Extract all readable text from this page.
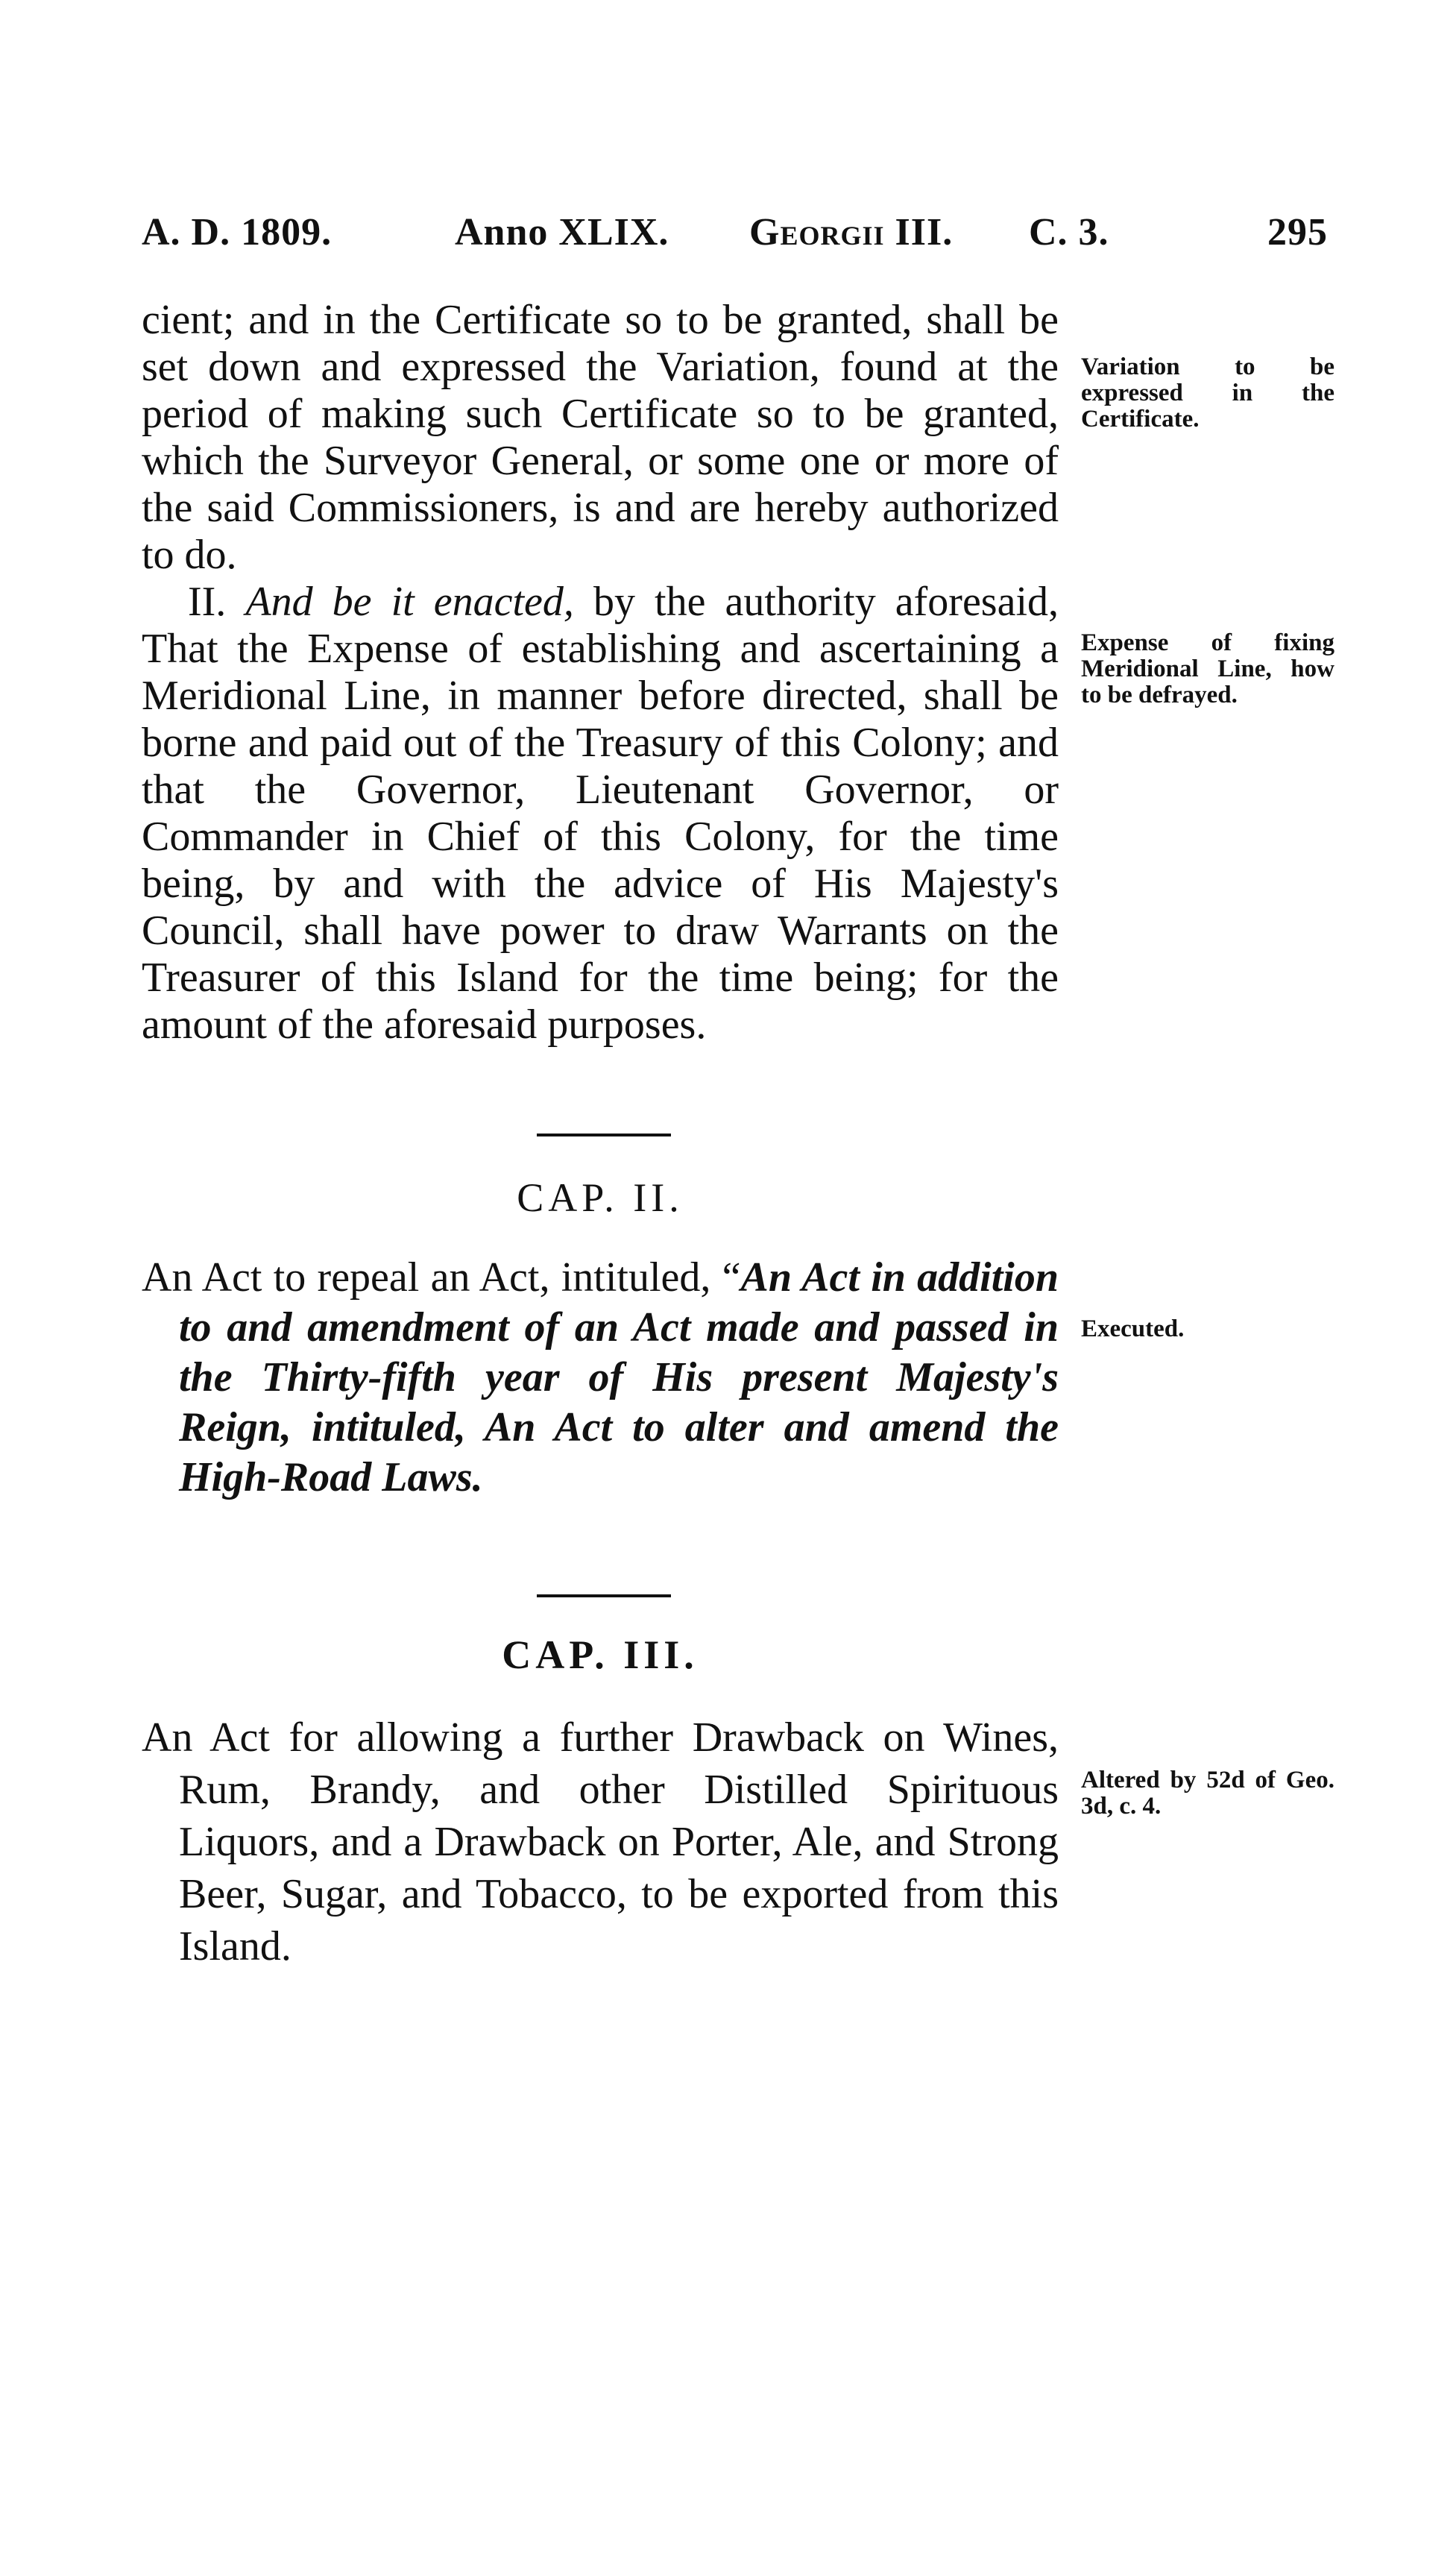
A. D. 1809.	Anno XLIX. Georgii III. C. 3.	295

cient; and in the Certificate so to be granted, shall be set down and expressed the Variation, found at the period of making such Certificate so to be granted, which the Surveyor General, or some one or more of the said Commissioners, is and are hereby authorized to do.

II. And be it enacted, by the authority aforesaid, That the Expense of establishing and ascertaining a Meridional Line, in manner before directed, shall be borne and paid out of the Treasury of this Colony; and that the Governor, Lieutenant Governor, or Commander in Chief of this Colony, for the time being, by and with the advice of His Majesty's Council, shall have power to draw Warrants on the Treasurer of this Island for the time being; for the amount of the aforesaid purposes.

CAP. II.
An Act to repeal an Act, intituled, “An Act in addition to and amendment of an Act made and passed in the Thirty-fifth year of His present Majesty's Reign, intituled, An Act to alter and amend the High-Road Laws.
CAP. III.
An Act for allowing a further Drawback on Wines, Rum, Brandy, and other Distilled Spirituous Liquors, and a Drawback on Porter, Ale, and Strong Beer, Sugar, and Tobacco, to be exported from this Island.
Variation to be expressed in the Certificate.
Expense of fixing Meridional Line, how to be defrayed.
Executed.
Altered by 52d of Geo. 3d, c. 4.
